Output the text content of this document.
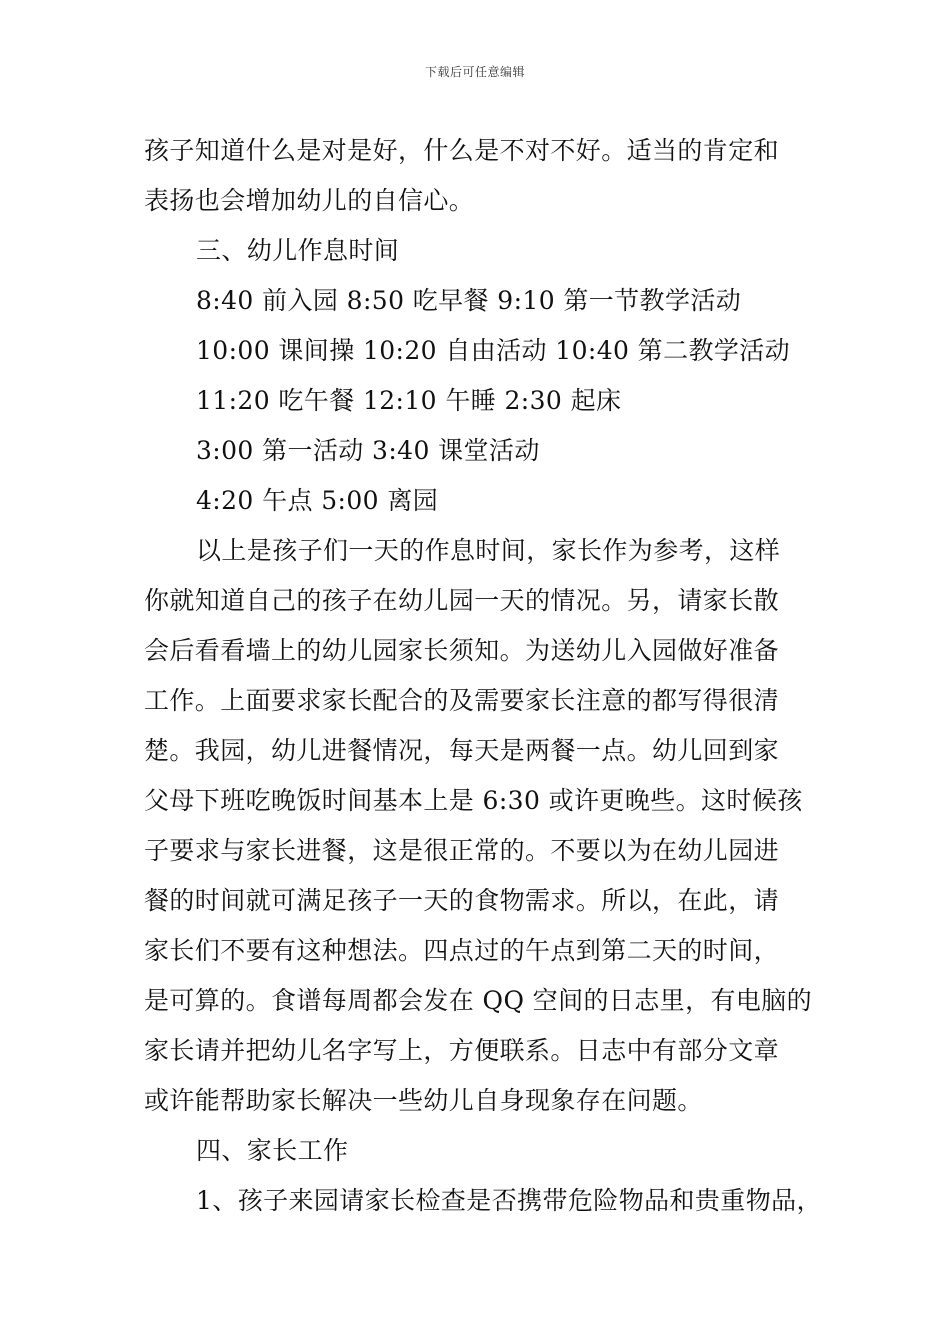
下载后可任意编辑
孩子知道什么是对是好，什么是不对不好。适当的肯定和
表扬也会增加幼儿的自信心。
三、幼儿作息时间
8:40 前入园 8:50 吃早餐 9:10 第一节教学活动
10:00 课间操 10:20 自由活动 10:40 第二教学活动
11:20 吃午餐 12:10 午睡 2:30 起床
3:00 第一活动 3:40 课堂活动
4:20 午点 5:00 离园
以上是孩子们一天的作息时间，家长作为参考，这样
你就知道自己的孩子在幼儿园一天的情况。另，请家长散
会后看看墙上的幼儿园家长须知。为送幼儿入园做好准备
工作。上面要求家长配合的及需要家长注意的都写得很清
楚。我园，幼儿进餐情况，每天是两餐一点。幼儿回到家
父母下班吃晚饭时间基本上是 6:30 或许更晚些。这时候孩
子要求与家长进餐，这是很正常的。不要以为在幼儿园进
餐的时间就可满足孩子一天的食物需求。所以，在此，请
家长们不要有这种想法。四点过的午点到第二天的时间，
是可算的。食谱每周都会发在 QQ 空间的日志里，有电脑的
家长请并把幼儿名字写上，方便联系。日志中有部分文章
或许能帮助家长解决一些幼儿自身现象存在问题。
四、家长工作
1、孩子来园请家长检查是否携带危险物品和贵重物品，
